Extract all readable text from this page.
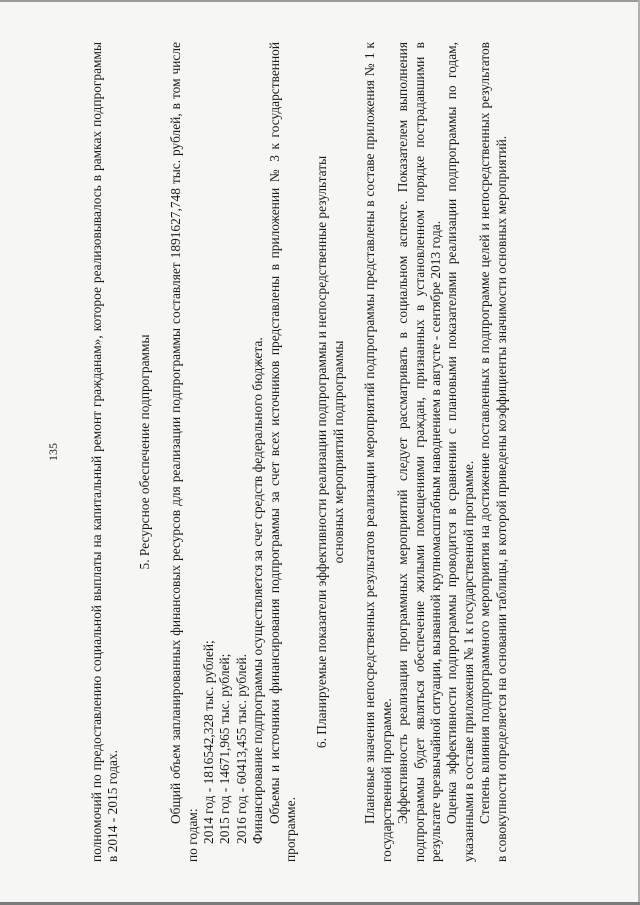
135 полномочий по предоставлению социальной выплаты на капитальный ремонт гражданам», которое реализовывалось в рамках подпрограммы в 2014 - 2015 годах.

5. Ресурсное обеспечение подпрограммы Общий объем запланированных финансовых ресурсов для реализации подпрограммы составляет 1891627,748 тыс. рублей, в том числе по годам: 2014 год - 1816542,328 тыс. рублей; 2015 год - 14671,965 тыс. рублей; 2016 год - 60413,455 тыс. рублей. Финансирование подпрограммы осуществляется за счет средств федерального бюджета. Объемы и источники финансирования подпрограммы за счет всех источников представлены в приложении № 3 к государственной программе.

6. Планируемые показатели эффективности реализации подпрограммы и непосредственные результаты основных мероприятий подпрограммы Плановые значения непосредственных результатов реализации мероприятий подпрограммы представлены в составе приложения № 1 к государственной программе. Эффективность реализации программных мероприятий следует рассматривать в социальном аспекте. Показателем выполнения подпрограммы будет являться обеспечение жилыми помещениями граждан, признанных в установленном порядке пострадавшими в результате чрезвычайной ситуации, вызванной крупномасштабным наводнением в августе - сентябре 2013 года. Оценка эффективности подпрограммы проводится в сравнении с плановыми показателями реализации подпрограммы по годам, указанными в составе приложения № 1 к государственной программе. Степень влияния подпрограммного мероприятия на достижение поставленных в подпрограмме целей и непосредственных результатов в совокупности определяется на основании таблицы, в которой приведены коэффициенты значимости основных мероприятий.
